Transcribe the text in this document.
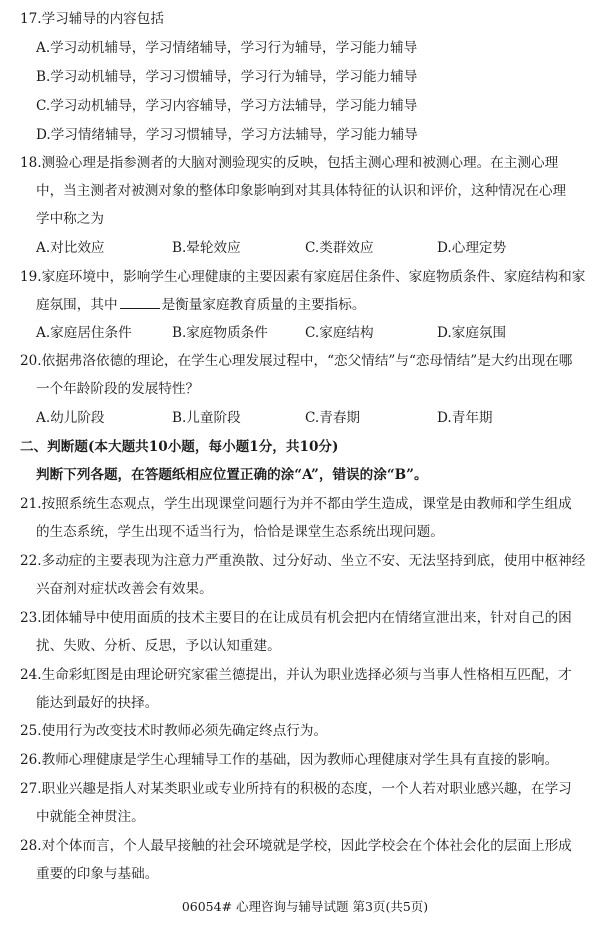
17.学习辅导的内容包括
A.学习动机辅导，学习情绪辅导，学习行为辅导，学习能力辅导
B.学习动机辅导，学习习惯辅导，学习行为辅导，学习能力辅导
C.学习动机辅导，学习内容辅导，学习方法辅导，学习能力辅导
D.学习情绪辅导，学习习惯辅导，学习方法辅导，学习能力辅导
18.测验心理是指参测者的大脑对测验现实的反映，包括主测心理和被测心理。在主测心理
中，当主测者对被测对象的整体印象影响到对其具体特征的认识和评价，这种情况在心理
学中称之为
A.对比效应	B.晕轮效应	C.类群效应	D.心理定势
19.家庭环境中，影响学生心理健康的主要因素有家庭居住条件、家庭物质条件、家庭结构和家
庭氛围，其中	是衡量家庭教育质量的主要指标。
A.家庭居住条件	B.家庭物质条件	C.家庭结构	D.家庭氛围
20.依据弗洛依德的理论，在学生心理发展过程中，“恋父情结”与“恋母情结”是大约出现在哪
一个年龄阶段的发展特性？
A.幼儿阶段	B.儿童阶段	C.青春期	D.青年期
二、判断题(本大题共10小题，每小题1分，共10分)
判断下列各题，在答题纸相应位置正确的涂“A”，错误的涂“B”。
21.按照系统生态观点，学生出现课堂问题行为并不都由学生造成，课堂是由教师和学生组成
的生态系统，学生出现不适当行为，恰恰是课堂生态系统出现问题。
22.多动症的主要表现为注意力严重涣散、过分好动、坐立不安、无法坚持到底，使用中枢神经
兴奋剂对症状改善会有效果。
23.团体辅导中使用面质的技术主要目的在让成员有机会把内在情绪宣泄出来，针对自己的困
扰、失败、分析、反思，予以认知重建。
24.生命彩虹图是由理论研究家霍兰德提出，并认为职业选择必须与当事人性格相互匹配，才
能达到最好的抉择。
25.使用行为改变技术时教师必须先确定终点行为。
26.教师心理健康是学生心理辅导工作的基础，因为教师心理健康对学生具有直接的影响。
27.职业兴趣是指人对某类职业或专业所持有的积极的态度，一个人若对职业感兴趣，在学习
中就能全神贯注。
28.对个体而言，个人最早接触的社会环境就是学校，因此学校会在个体社会化的层面上形成
重要的印象与基础。
06054# 心理咨询与辅导试题 第3页(共5页)
